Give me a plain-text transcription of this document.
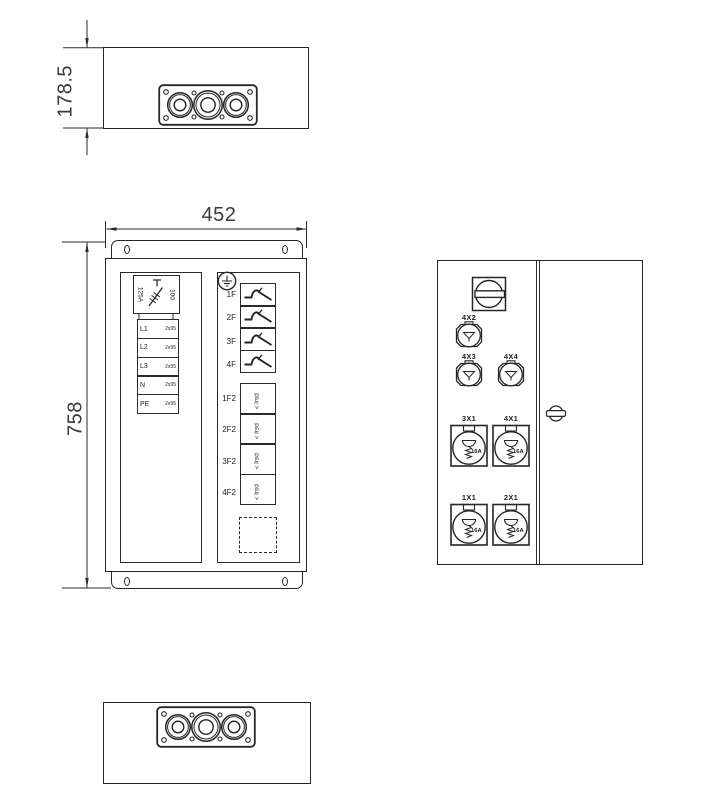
178.5
452
758
125A	100
L1	2x95
L2	2x95
L3	2x95
N	2x95
PE	2x95
1F
2F
3F
4F
1F2
2F2
3F2
4F2
Irsd
<
Irsd
<
Irsd
<
Irsd
<
4X2
4X3	4X4
3X1
16A
4X1
16A
1X1
16A
2X1
16A
